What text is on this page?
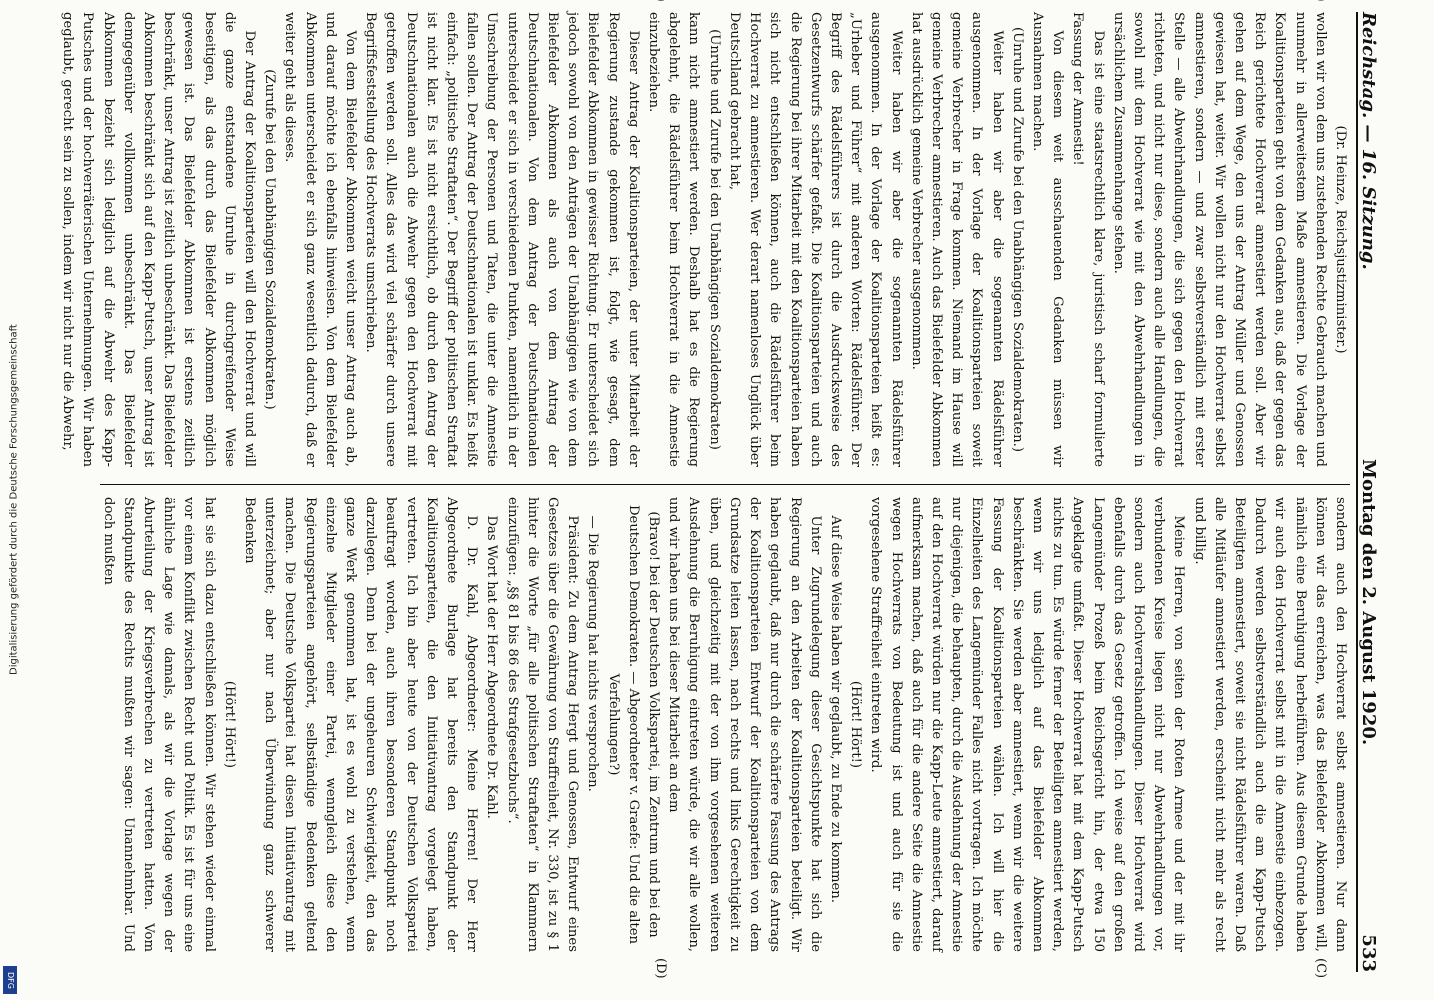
Reichstag. — 16. Sitzung.
Montag den 2. August 1920.
533
(C)
(D)

(Dr. Heinze, Reichsjustizminister.)

wollen wir von dem uns zustehenden Rechte Gebrauch machen und nunmehr in allerweitestem Maße amnestieren. Die Vorlage der Koalitionsparteien geht von dem Gedanken aus, daß der gegen das Reich gerichtete Hochverrat amnestiert werden soll. Aber wir gehen auf dem Wege, den uns der Antrag Müller und Genossen gewiesen hat, weiter. Wir wollen nicht nur den Hochverrat selbst amnestieren, sondern — und zwar selbstverständlich mit erster Stelle — alle Abwehrhandlungen, die sich gegen den Hochverrat richteten, und nicht nur diese, sondern auch alle Handlungen, die sowohl mit dem Hochverrat wie mit den Abwehrhandlungen in ursächlichem Zusammenhange stehen.

Das ist eine staatsrechtlich klare, juristisch scharf formulierte Fassung der Amnestie!

Von diesem weit ausschauenden Gedanken müssen wir Ausnahmen machen.

(Unruhe und Zurufe bei den Unabhängigen Sozialdemokraten.)

Weiter haben wir aber die sogenannten Rädelsführer ausgenommen. In der Vorlage der Koalitionsparteien soweit gemeine Verbrecher in Frage kommen. Niemand im Hause will gemeine Verbrecher amnestieren. Auch das Bielefelder Abkommen hat ausdrücklich gemeine Verbrecher ausgenommen.

Weiter haben wir aber die sogenannten Rädelsführer ausgenommen. In der Vorlage der Koalitionsparteien heißt es: „Urheber und Führer“ mit anderen Worten: Rädelsführer. Der Begriff des Rädelsführers ist durch die Ausdrucksweise des Gesetzentwurfs schärfer gefaßt. Die Koalitionsparteien und auch die Regierung bei ihrer Mitarbeit mit den Koalitionsparteien haben sich nicht entschließen können, auch die Rädelsführer beim Hochverrat zu amnestieren. Wer derart namenloses Unglück über Deutschland gebracht hat,

(Unruhe und Zurufe bei den Unabhängigen Sozialdemokraten)

kann nicht amnestiert werden. Deshalb hat es die Regierung abgelehnt, die Rädelsführer beim Hochverrat in die Amnestie einzubeziehen.

Dieser Antrag der Koalitionsparteien, der unter Mitarbeit der Regierung zustande gekommen ist, folgt, wie gesagt, dem Bielefelder Abkommen in gewisser Richtung. Er unterscheidet sich jedoch sowohl von den Anträgen der Unabhängigen wie von dem Bielefelder Abkommen als auch von dem Antrag der Deutschnationalen. Von dem Antrag der Deutschnationalen unterscheidet er sich in verschiedenen Punkten, namentlich in der Umschreibung der Personen und Taten, die unter die Amnestie fallen sollen. Der Antrag der Deutschnationalen ist unklar. Es heißt einfach: „politische Straftaten“. Der Begriff der politischen Straftat ist nicht klar. Es ist nicht ersichtlich, ob durch den Antrag der Deutschnationalen auch die Abwehr gegen den Hochverrat mit getroffen werden soll. Alles das wird viel schärfer durch unsere Begriffsfeststellung des Hochverrats umschrieben.

Von dem Bielefelder Abkommen weicht unser Antrag auch ab, und darauf möchte ich ebenfalls hinweisen. Von dem Bielefelder Abkommen unterscheidet er sich ganz wesentlich dadurch, daß er weiter geht als dieses.

(Zurufe bei den Unabhängigen Sozialdemokraten.)

Der Antrag der Koalitionsparteien will den Hochverrat und will die ganze entstandene Unruhe in durchgreifender Weise beseitigen, als das durch das Bielefelder Abkommen möglich gewesen ist. Das Bielefelder Abkommen ist erstens zeitlich beschränkt, unser Antrag ist zeitlich unbeschränkt. Das Bielefelder Abkommen beschränkt sich auf den Kapp-Putsch, unser Antrag ist demgegenüber vollkommen unbeschränkt. Das Bielefelder Abkommen bezieht sich lediglich auf die Abwehr des Kapp-Putsches und der hochverräterischen Unternehmungen. Wir haben geglaubt, gerecht sein zu sollen, indem wir nicht nur die Abwehr,

sondern auch den Hochverrat selbst amnestieren. Nur dann können wir das erreichen, was das Bielefelder Abkommen will, nämlich eine Beruhigung herbeiführen. Aus diesem Grunde haben wir auch den Hochverrat selbst mit in die Amnestie einbezogen. Dadurch werden selbstverständlich auch die am Kapp-Putsch Beteiligten amnestiert, soweit sie nicht Rädelsführer waren. Daß alle Mitläufer amnestiert werden, erscheint nicht mehr als recht und billig.

Meine Herren, von seiten der Roten Armee und der mit ihr verbundenen Kreise liegen nicht nur Abwehrhandlungen vor, sondern auch Hochverratshandlungen. Dieser Hochverrat wird ebenfalls durch das Gesetz getroffen. Ich weise auf den großen Langemünder Prozeß beim Reichsgericht hin, der etwa 150 Angeklagte umfaßt. Dieser Hochverrat hat mit dem Kapp-Putsch nichts zu tun. Es würde ferner der Beteiligten amnestiert werden, wenn wir uns lediglich auf das Bielefelder Abkommen beschränkten. Sie werden aber amnestiert, wenn wir die weitere Fassung der Koalitionsparteien wählen. Ich will hier die Einzelheiten des Langemünder Falles nicht vortragen. Ich möchte nur diejenigen, die behaupten, durch die Ausdehnung der Amnestie auf den Hochverrat würden nur die Kapp-Leute amnestiert, darauf aufmerksam machen, daß auch für die andere Seite die Amnestie wegen Hochverrats von Bedeutung ist und auch für sie die vorgesehene Straffreiheit eintreten wird.

(Hört! Hört!)

Auf diese Weise haben wir geglaubt, zu Ende zu kommen.

Unter Zugrundelegung dieser Gesichtspunkte hat sich die Regierung an den Arbeiten der Koalitionsparteien beteiligt. Wir haben geglaubt, daß nur durch die schärfere Fassung des Antrags der Koalitionsparteien Entwurf der Koalitionsparteien von dem Grundsatze leiten lassen, nach rechts und links Gerechtigkeit zu üben, und gleichzeitig mit der von ihm vorgesehenen weiteren Ausdehnung die Beruhigung eintreten würde, die wir alle wollen, und wir haben uns bei dieser Mitarbeit an dem

(Bravo! bei der Deutschen Volkspartei, im Zentrum und bei den Deutschen Demokraten. — Abgeordneter v. Graefe: Und die alten Verfehlungen?)

— Die Regierung hat nichts versprochen.

Präsident: Zu dem Antrag Hergt und Genossen, Entwurf eines Gesetzes über die Gewährung von Straffreiheit, Nr. 330, ist zu § 1 hinter die Worte „für alle politischen Straftaten“ in Klammern einzufügen: „§§ 81 bis 86 des Strafgesetzbuchs“.

Das Wort hat der Herr Abgeordnete Dr. Kahl.

D. Dr. Kahl, Abgeordneter: Meine Herren! Der Herr Abgeordnete Burlage hat bereits den Standpunkt der Koalitionsparteien, die den Initiativantrag vorgelegt haben, vertreten. Ich bin aber heute von der Deutschen Volkspartei beauftragt worden, auch ihren besonderen Standpunkt noch darzulegen. Denn bei der ungeheuren Schwierigkeit, den das ganze Werk genommen hat, ist es wohl zu verstehen, wenn einzelne Mitglieder einer Partei, wenngleich diese den Regierungsparteien angehört, selbständige Bedenken geltend machen. Die Deutsche Volkspartei hat diesen Initiativantrag mit unterzeichnet; aber nur nach Überwindung ganz schwerer Bedenken

(Hört! Hört!)

hat sie sich dazu entschließen können. Wir stehen wieder einmal vor einem Konflikt zwischen Recht und Politik. Es ist für uns eine ähnliche Lage wie damals, als wir die Vorlage wegen der Aburteilung der Kriegsverbrechen zu vertreten hatten. Vom Standpunkte des Rechts mußten wir sagen: Unannehmbar. Und doch mußten

Digitalisierung gefördert durch die Deutsche Forschungsgemeinschaft
DFG
